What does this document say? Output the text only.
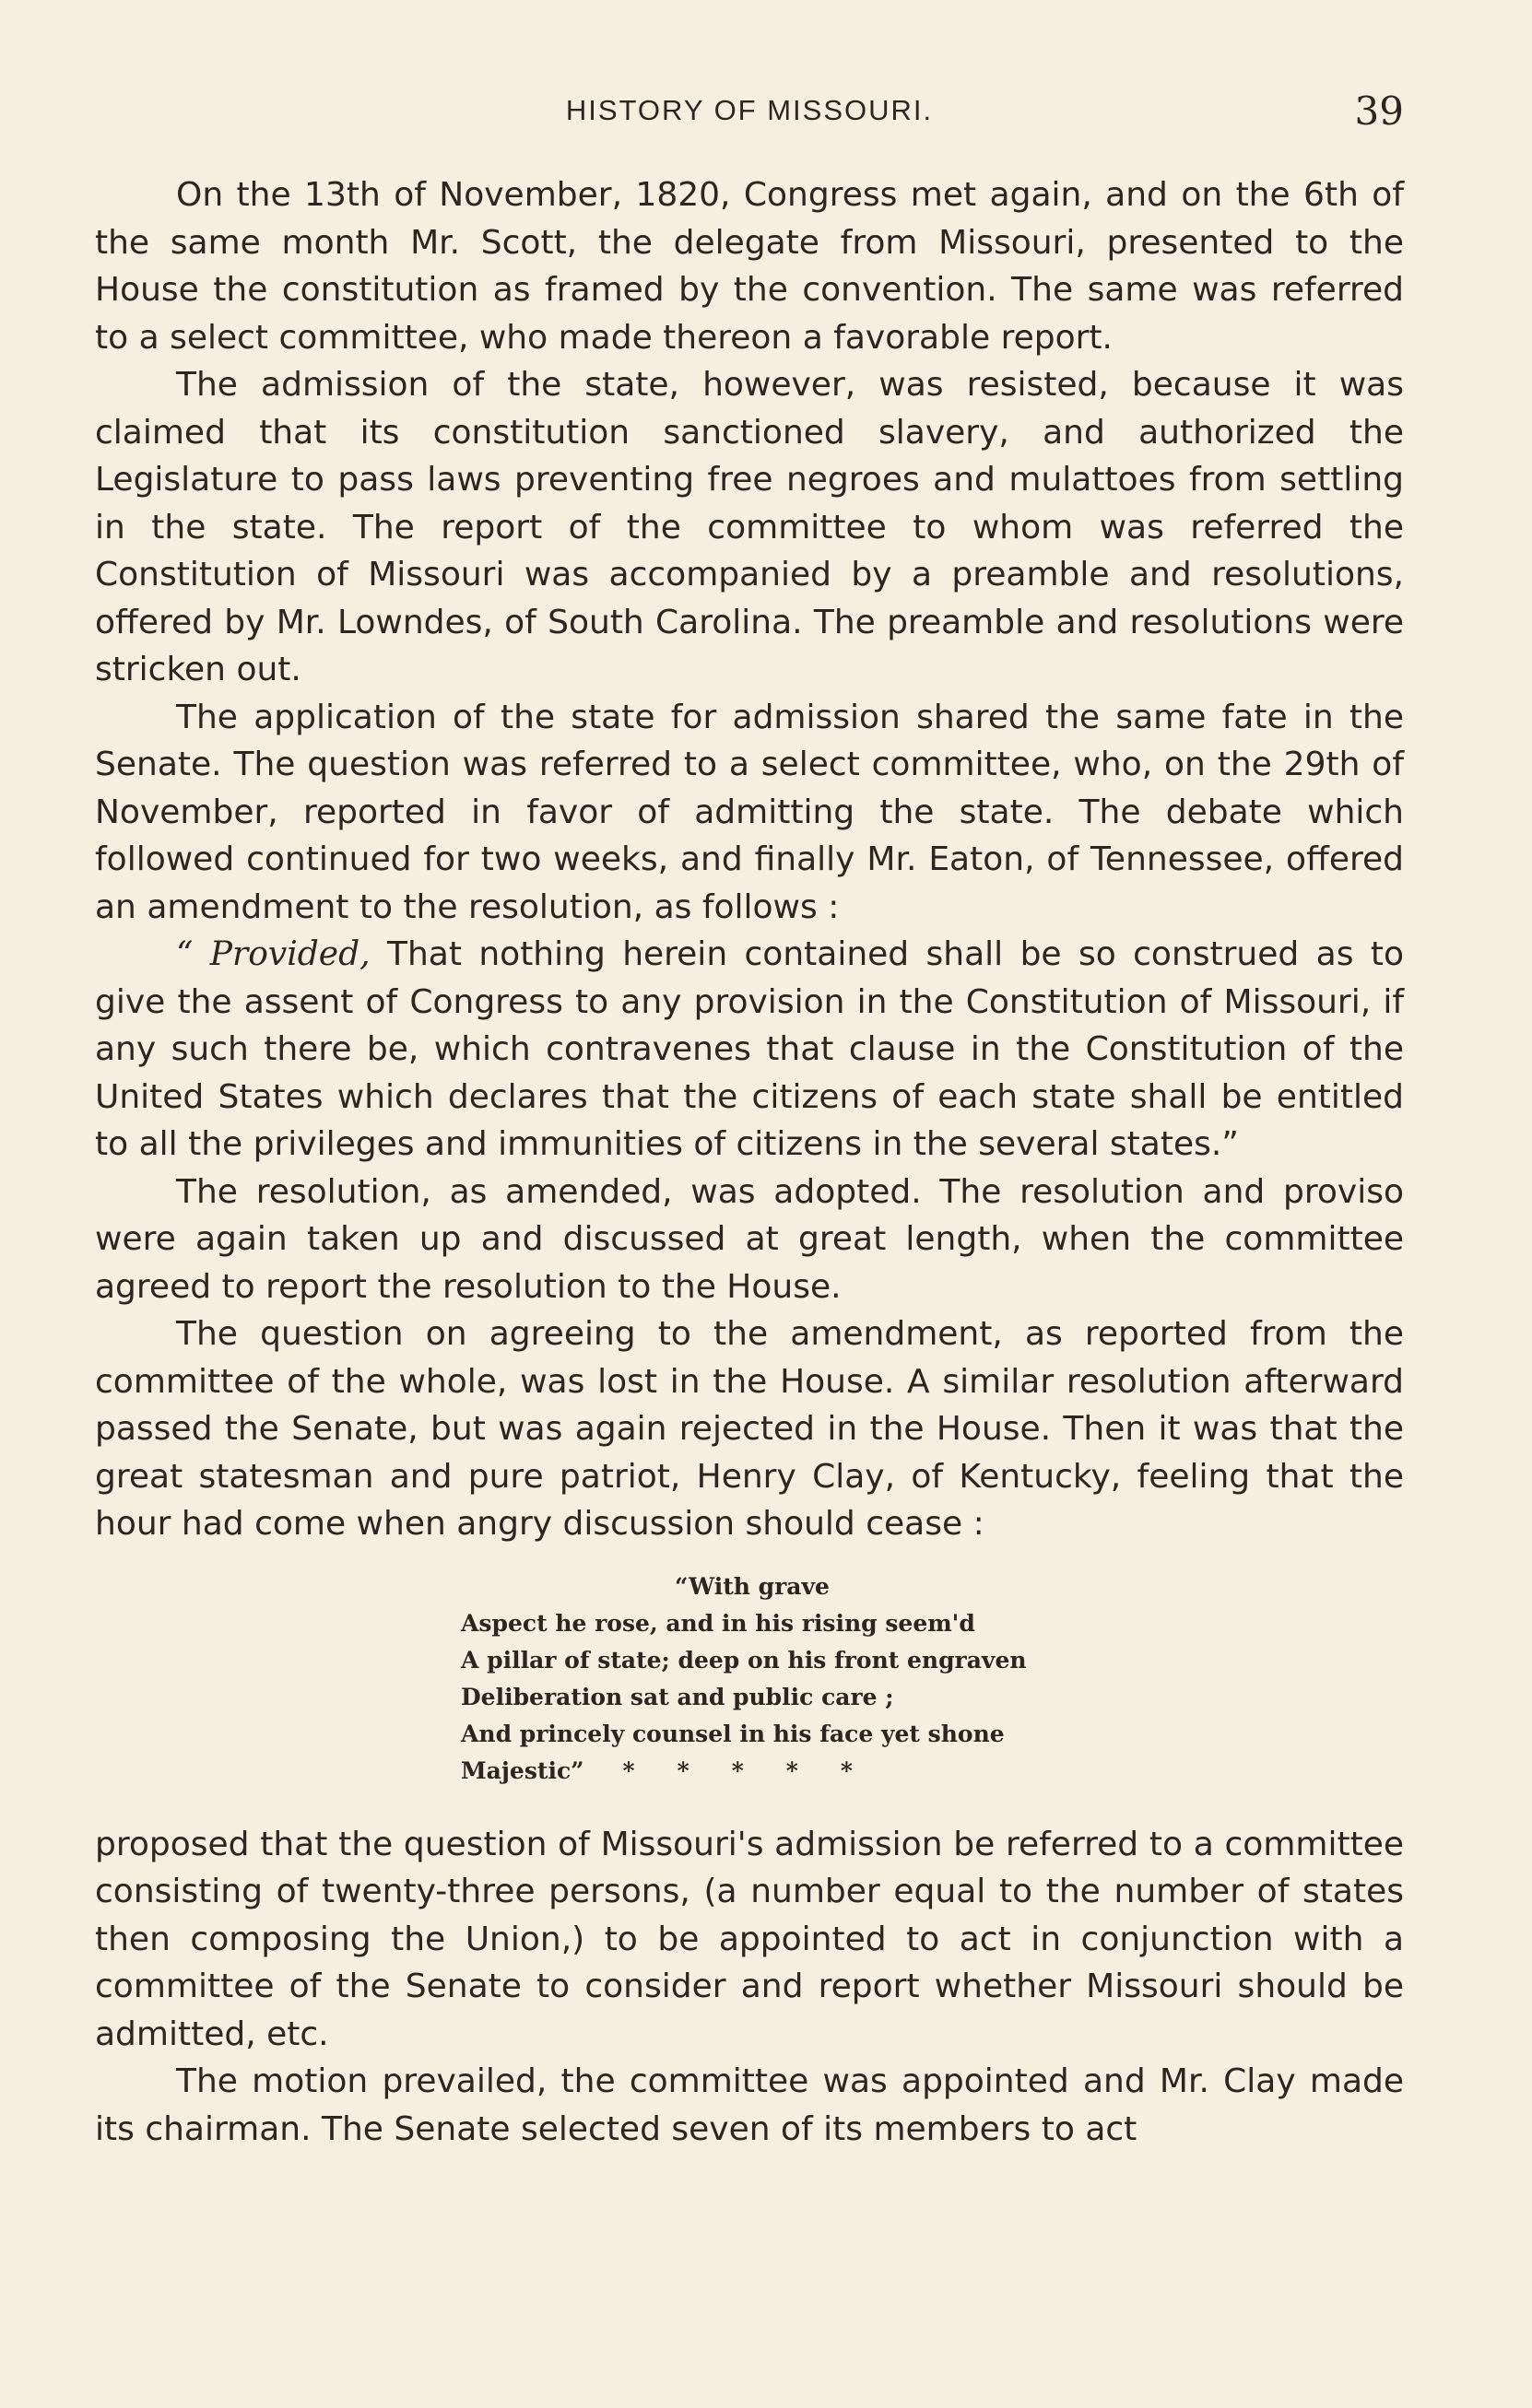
HISTORY OF MISSOURI.	39

On the 13th of November, 1820, Congress met again, and on the 6th of the same month Mr. Scott, the delegate from Missouri, presented to the House the constitution as framed by the convention. The same was referred to a select committee, who made thereon a favorable report.

The admission of the state, however, was resisted, because it was claimed that its constitution sanctioned slavery, and authorized the Legislature to pass laws preventing free negroes and mulattoes from settling in the state. The report of the committee to whom was referred the Constitution of Missouri was accompanied by a preamble and resolutions, offered by Mr. Lowndes, of South Carolina. The preamble and resolutions were stricken out.

The application of the state for admission shared the same fate in the Senate. The question was referred to a select committee, who, on the 29th of November, reported in favor of admitting the state. The debate which followed continued for two weeks, and finally Mr. Eaton, of Tennessee, offered an amendment to the resolution, as follows :

“ Provided, That nothing herein contained shall be so construed as to give the assent of Congress to any provision in the Constitution of Missouri, if any such there be, which contravenes that clause in the Constitution of the United States which declares that the citizens of each state shall be entitled to all the privileges and immunities of citizens in the several states.”

The resolution, as amended, was adopted. The resolution and proviso were again taken up and discussed at great length, when the committee agreed to report the resolution to the House.

The question on agreeing to the amendment, as reported from the committee of the whole, was lost in the House. A similar resolution afterward passed the Senate, but was again rejected in the House. Then it was that the great statesman and pure patriot, Henry Clay, of Kentucky, feeling that the hour had come when angry discussion should cease :

“With grave
Aspect he rose, and in his rising seem'd
A pillar of state; deep on his front engraven
Deliberation sat and public care ;
And princely counsel in his face yet shone
Majestic” *****

proposed that the question of Missouri's admission be referred to a committee consisting of twenty-three persons, (a number equal to the number of states then composing the Union,) to be appointed to act in conjunction with a committee of the Senate to consider and report whether Missouri should be admitted, etc.

The motion prevailed, the committee was appointed and Mr. Clay made its chairman. The Senate selected seven of its members to act
